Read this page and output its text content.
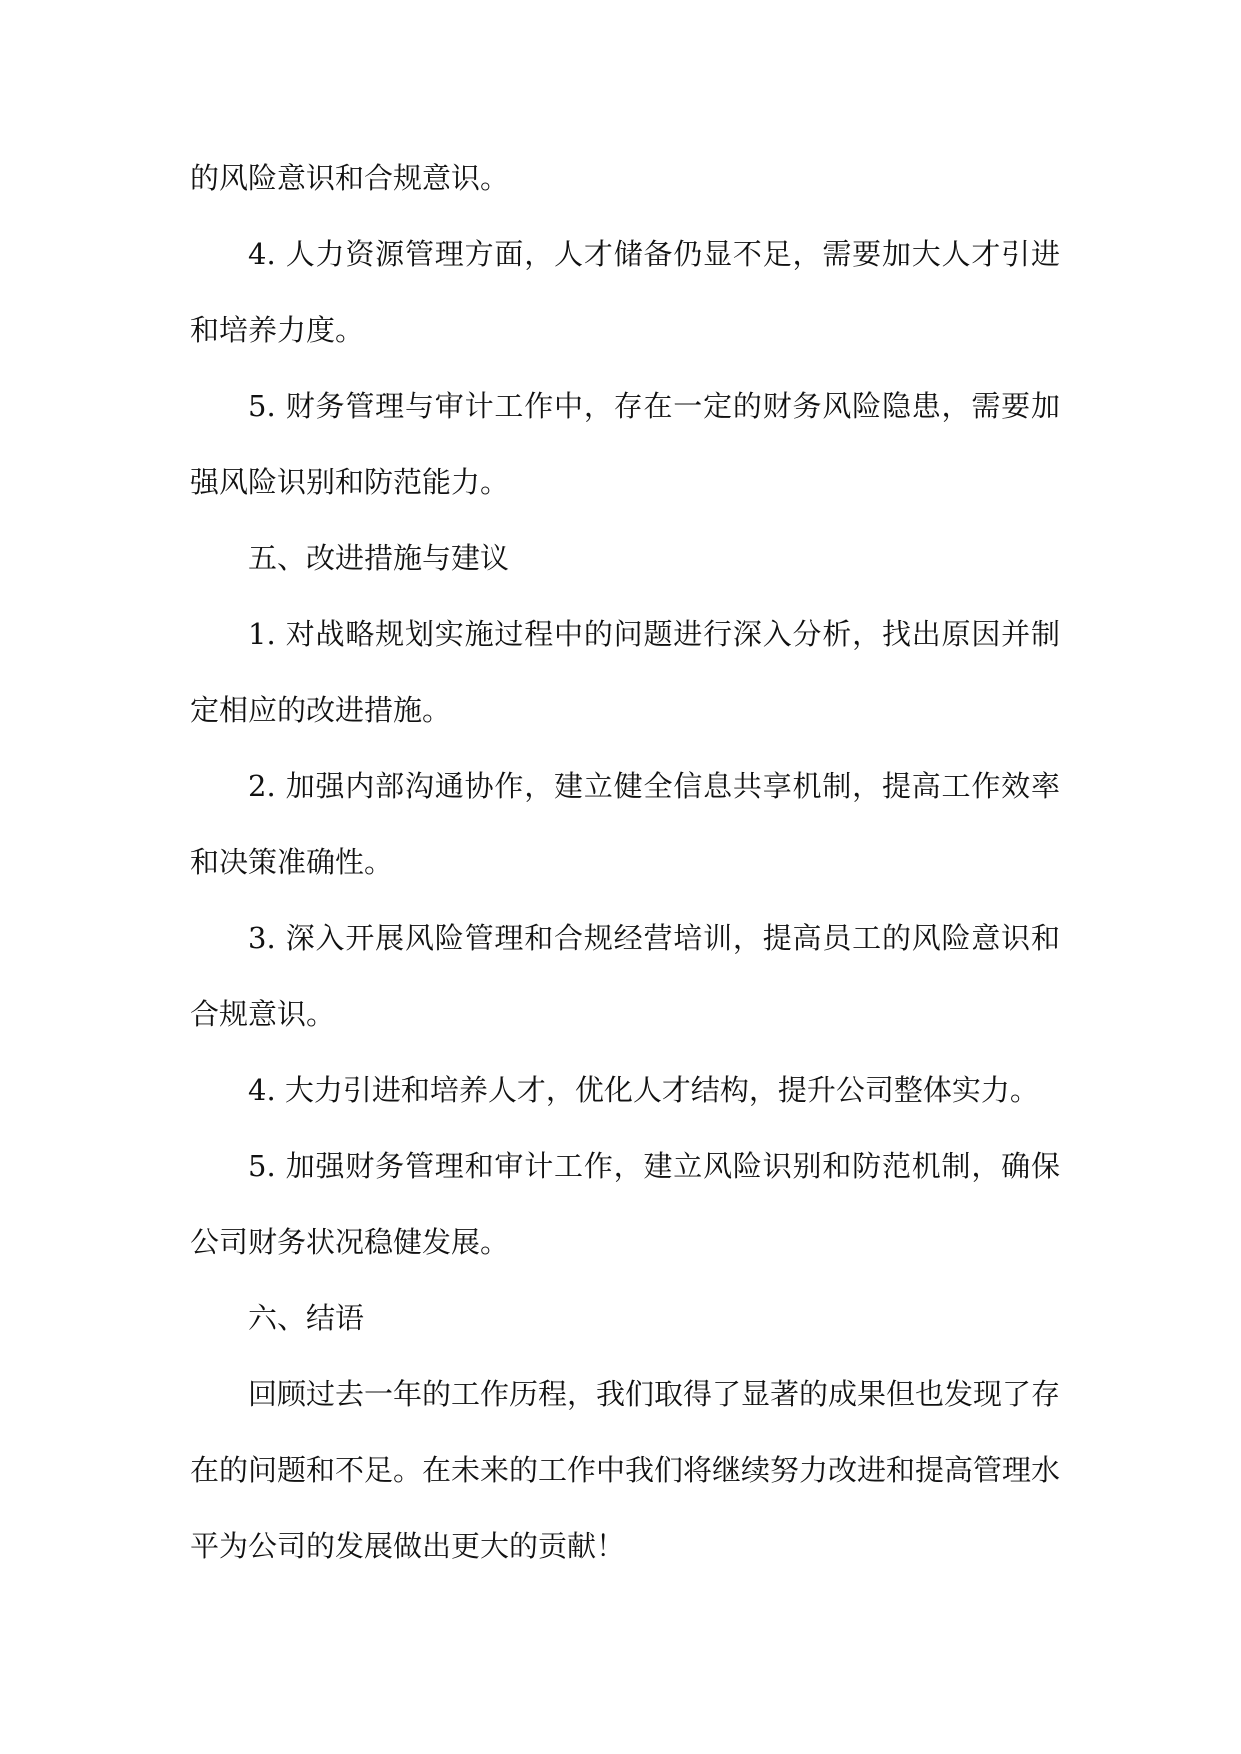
的风险意识和合规意识。

4. 人力资源管理方面，人才储备仍显不足，需要加大人才引进和培养力度。

5. 财务管理与审计工作中，存在一定的财务风险隐患，需要加强风险识别和防范能力。

五、改进措施与建议

1. 对战略规划实施过程中的问题进行深入分析，找出原因并制定相应的改进措施。

2. 加强内部沟通协作，建立健全信息共享机制，提高工作效率和决策准确性。

3. 深入开展风险管理和合规经营培训，提高员工的风险意识和合规意识。

4. 大力引进和培养人才，优化人才结构，提升公司整体实力。

5. 加强财务管理和审计工作，建立风险识别和防范机制，确保公司财务状况稳健发展。

六、结语

回顾过去一年的工作历程，我们取得了显著的成果但也发现了存在的问题和不足。在未来的工作中我们将继续努力改进和提高管理水平为公司的发展做出更大的贡献！
